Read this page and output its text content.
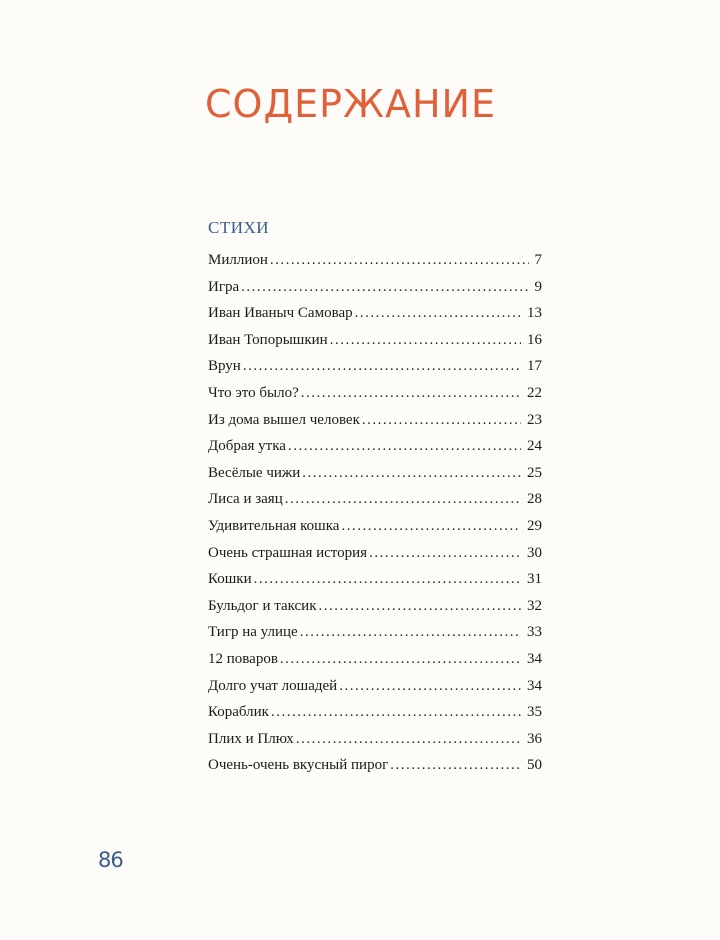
СОДЕРЖАНИЕ
СТИХИ
Миллион .....	7
Игра .....	9
Иван Иваныч Самовар .....	13
Иван Топорышкин .....	16
Врун .....	17
Что это было? .....	22
Из дома вышел человек .....	23
Добрая утка .....	24
Весёлые чижи .....	25
Лиса и заяц .....	28
Удивительная кошка .....	29
Очень страшная история .....	30
Кошки .....	31
Бульдог и таксик .....	32
Тигр на улице .....	33
12 поваров .....	34
Долго учат лошадей .....	34
Кораблик .....	35
Плих и Плюх .....	36
Очень-очень вкусный пирог .....	50
86
